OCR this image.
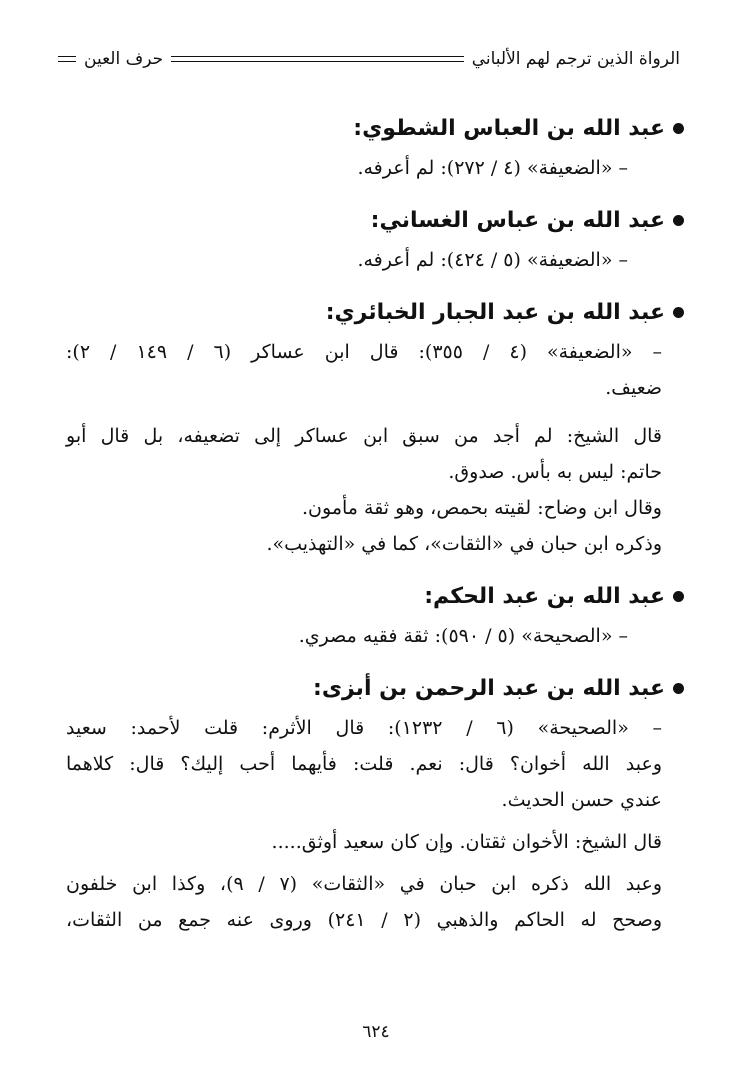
الرواة الذين ترجم لهم الألباني
حرف العين
عبد الله بن العباس الشطوي:

– «الضعيفة» (٤ / ٢٧٢): لم أعرفه.

عبد الله بن عباس الغساني:

– «الضعيفة» (٥ / ٤٢٤): لم أعرفه.

عبد الله بن عبد الجبار الخبائري:

– «الضعيفة» (٤ / ٣٥٥): قال ابن عساكر (٦ / ١٤٩ / ٢):

ضعيف.

قال الشيخ: لم أجد من سبق ابن عساكر إلى تضعيفه، بل قال أبو

حاتم: ليس به بأس. صدوق.

وقال ابن وضاح: لقيته بحمص، وهو ثقة مأمون.

وذكره ابن حبان في «الثقات»، كما في «التهذيب».

عبد الله بن عبد الحكم:

– «الصحيحة» (٥ / ٥٩٠): ثقة فقيه مصري.

عبد الله بن عبد الرحمن بن أبزى:

– «الصحيحة» (٦ / ١٢٣٢): قال الأثرم: قلت لأحمد: سعيد

وعبد الله أخوان؟ قال: نعم. قلت: فأيهما أحب إليك؟ قال: كلاهما

عندي حسن الحديث.

قال الشيخ: الأخوان ثقتان. وإن كان سعيد أوثق.....

وعبد الله ذكره ابن حبان في «الثقات» (٧ / ٩)، وكذا ابن خلفون

وصحح له الحاكم والذهبي (٢ / ٢٤١) وروى عنه جمع من الثقات،

٦٢٤
